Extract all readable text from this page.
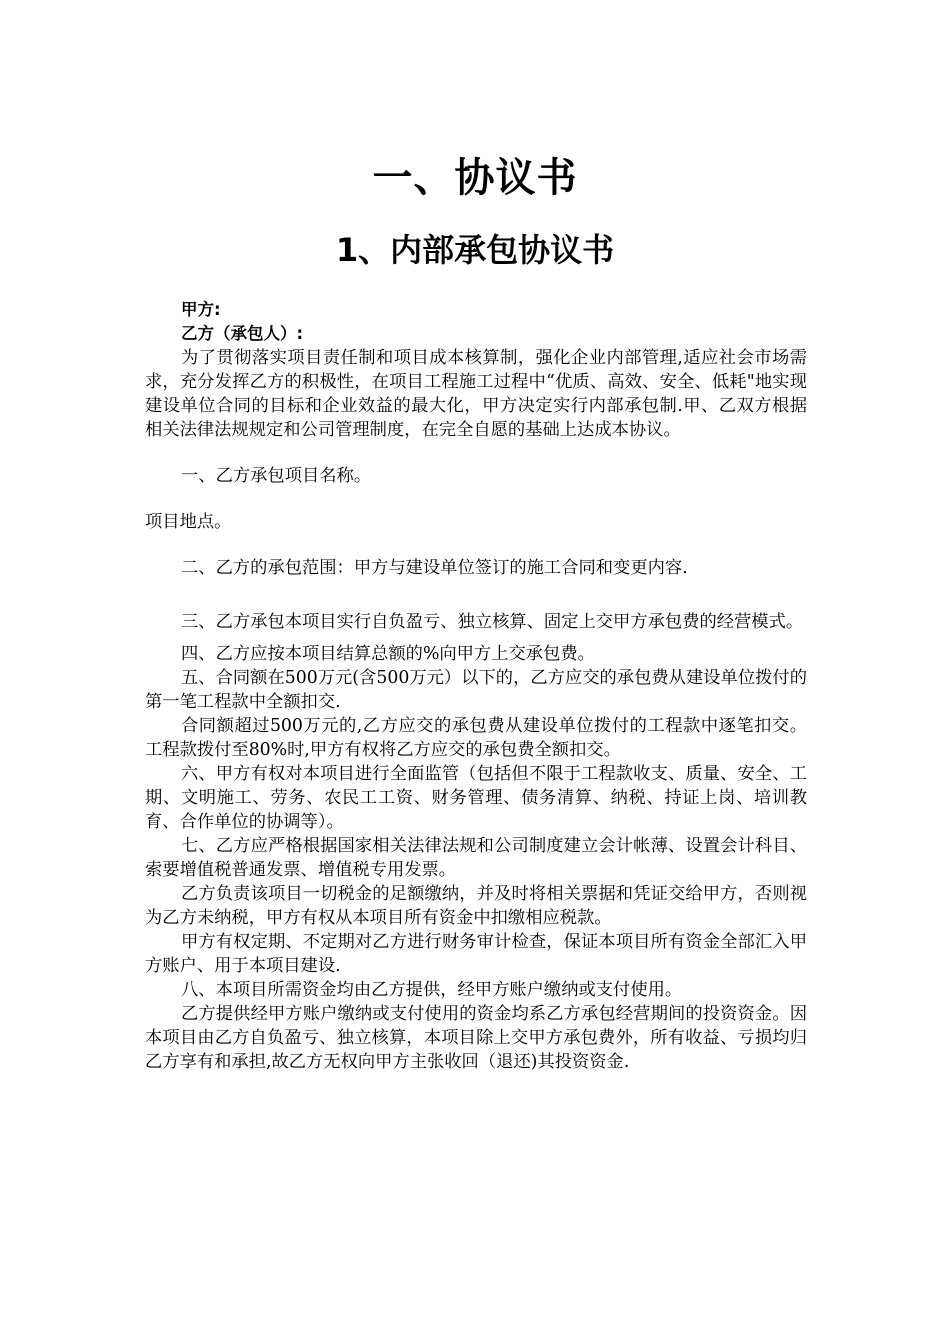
一、协议书
1、内部承包协议书

甲方:

乙方（承包人）:

为了贯彻落实项目责任制和项目成本核算制，强化企业内部管理,适应社会市场需求，充分发挥乙方的积极性，在项目工程施工过程中“优质、高效、安全、低耗"地实现建设单位合同的目标和企业效益的最大化，甲方决定实行内部承包制.甲、乙双方根据相关法律法规规定和公司管理制度，在完全自愿的基础上达成本协议。

一、乙方承包项目名称。

项目地点。

二、乙方的承包范围：甲方与建设单位签订的施工合同和变更内容.

三、乙方承包本项目实行自负盈亏、独立核算、固定上交甲方承包费的经营模式。

四、乙方应按本项目结算总额的%向甲方上交承包费。

五、合同额在500万元(含500万元）以下的，乙方应交的承包费从建设单位拨付的第一笔工程款中全额扣交.

合同额超过500万元的,乙方应交的承包费从建设单位拨付的工程款中逐笔扣交。工程款拨付至80%时,甲方有权将乙方应交的承包费全额扣交。

六、甲方有权对本项目进行全面监管（包括但不限于工程款收支、质量、安全、工期、文明施工、劳务、农民工工资、财务管理、债务清算、纳税、持证上岗、培训教育、合作单位的协调等）。

七、乙方应严格根据国家相关法律法规和公司制度建立会计帐薄、设置会计科目、索要增值税普通发票、增值税专用发票。

乙方负责该项目一切税金的足额缴纳，并及时将相关票据和凭证交给甲方，否则视为乙方未纳税，甲方有权从本项目所有资金中扣缴相应税款。

甲方有权定期、不定期对乙方进行财务审计检查，保证本项目所有资金全部汇入甲方账户、用于本项目建设.

八、本项目所需资金均由乙方提供，经甲方账户缴纳或支付使用。

乙方提供经甲方账户缴纳或支付使用的资金均系乙方承包经营期间的投资资金。因本项目由乙方自负盈亏、独立核算，本项目除上交甲方承包费外，所有收益、亏损均归乙方享有和承担,故乙方无权向甲方主张收回（退还)其投资资金.
